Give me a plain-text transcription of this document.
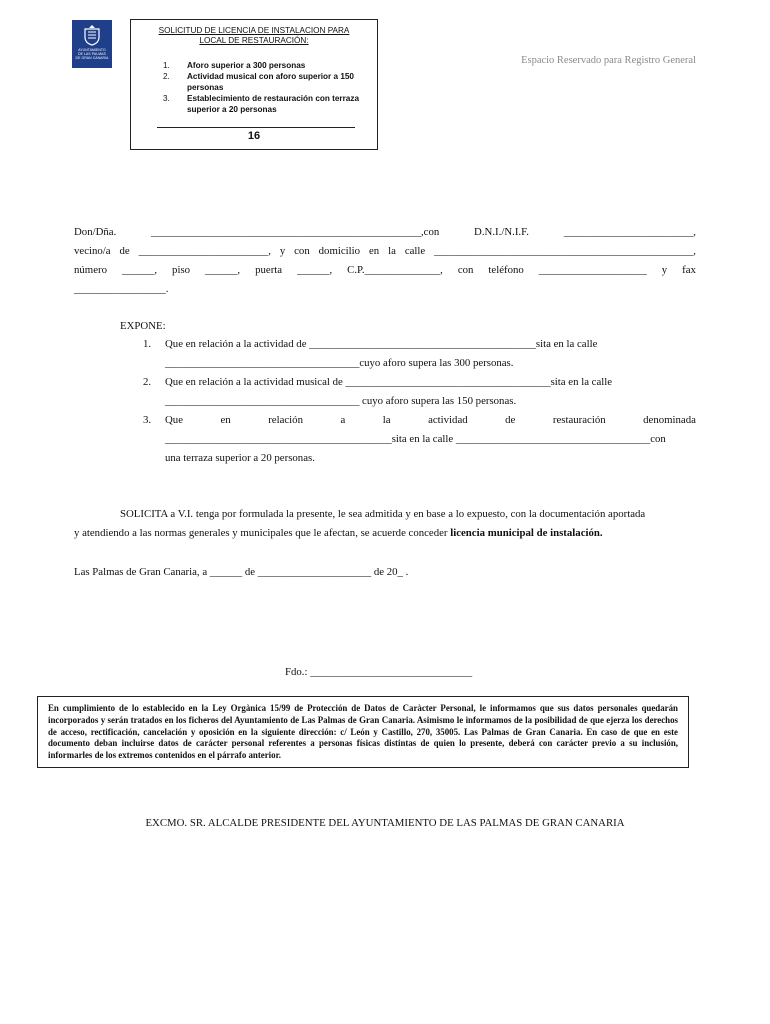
AYUNTAMIENTO
DE LAS PALMAS
DE GRAN CANARIA
SOLICITUD DE LICENCIA DE INSTALACION PARA
LOCAL DE RESTAURACIÓN:
1.	Aforo superior a 300 personas
2.	Actividad musical con aforo superior a 150 personas
3.	Establecimiento de restauración con terraza superior a 20 personas
16
Espacio Reservado para Registro General
Don/Dña.	__________________________________________________,con	D.N.I./N.I.F.	________________________,
vecino/a de ________________________, y con domicilio en la calle ________________________________________________,
número ______, piso ______, puerta ______, C.P.______________, con teléfono ____________________ y fax
_________________.
EXPONE:
1. Que en relación a la actividad de __________________________________________sita en la calle
____________________________________cuyo aforo supera las 300 personas.
2. Que en relación a la actividad musical de ______________________________________sita en la calle
____________________________________ cuyo aforo supera las 150 personas.
3. Que	en	relación	a	la	actividad	de	restauración	denominada
__________________________________________sita en la calle ____________________________________con
una terraza superior a 20 personas.
SOLICITA a V.I. tenga por formulada la presente, le sea admitida y en base a lo expuesto, con la documentación aportada
y atendiendo a las normas generales y municipales que le afectan, se acuerde conceder licencia municipal de instalación.
Las Palmas de Gran Canaria, a ______ de _____________________ de 20_ .
Fdo.: ______________________________
En cumplimiento de lo establecido en la Ley Orgànica 15/99 de Protección de Datos de Caràcter Personal, le informamos que sus datos personales quedarán incorporados y serán tratados en los ficheros del Ayuntamiento de Las Palmas de Gran Canaria. Asimismo le informamos de la posibilidad de que ejerza los derechos de acceso, rectificación, cancelación y oposición en la siguiente dirección: c/ León y Castillo, 270, 35005. Las Palmas de Gran Canaria. En caso de que en este documento deban incluirse datos de carácter personal referentes a personas físicas distintas de quien lo presente, deberá con carácter previo a su inclusión, informarles de los extremos contenidos en el párrafo anterior.
EXCMO. SR. ALCALDE PRESIDENTE DEL AYUNTAMIENTO DE LAS PALMAS DE GRAN CANARIA
